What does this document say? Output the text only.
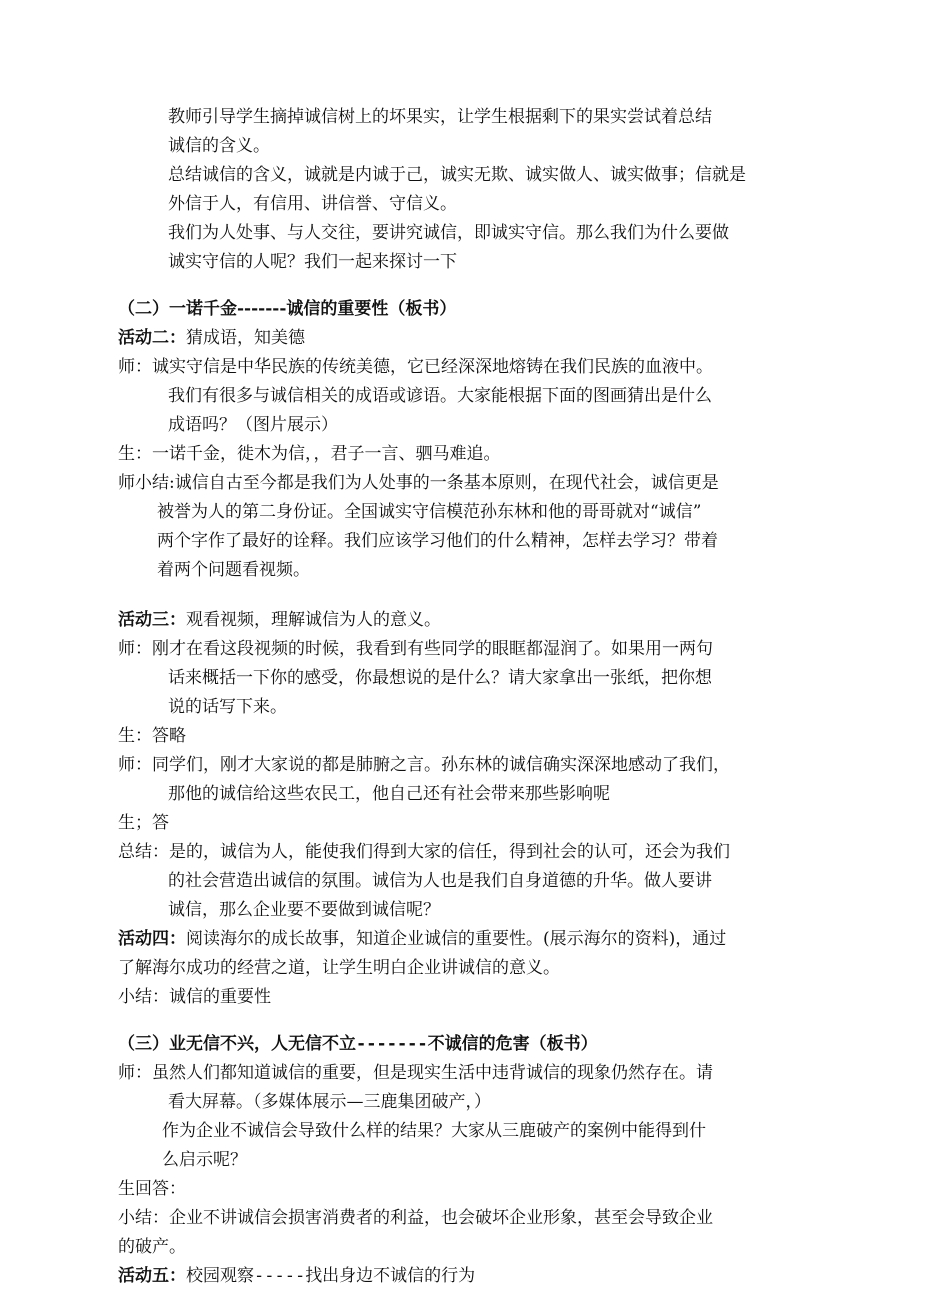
教师引导学生摘掉诚信树上的坏果实，让学生根据剩下的果实尝试着总结
诚信的含义。
总结诚信的含义，诚就是内诚于己，诚实无欺、诚实做人、诚实做事；信就是
外信于人，有信用、讲信誉、守信义。
我们为人处事、与人交往，要讲究诚信，即诚实守信。那么我们为什么要做
诚实守信的人呢？我们一起来探讨一下
（二）一诺千金-------诚信的重要性（板书）
活动二：猜成语，知美德
师：诚实守信是中华民族的传统美德，它已经深深地熔铸在我们民族的血液中。
我们有很多与诚信相关的成语或谚语。大家能根据下面的图画猜出是什么
成语吗？（图片展示）
生：一诺千金，徙木为信，，君子一言、驷马难追。
师小结:诚信自古至今都是我们为人处事的一条基本原则，在现代社会，诚信更是
被誉为人的第二身份证。全国诚实守信模范孙东林和他的哥哥就对“诚信”
两个字作了最好的诠释。我们应该学习他们的什么精神，怎样去学习？带着
着两个问题看视频。
活动三：观看视频，理解诚信为人的意义。
师：刚才在看这段视频的时候，我看到有些同学的眼眶都湿润了。如果用一两句
话来概括一下你的感受，你最想说的是什么？请大家拿出一张纸，把你想
说的话写下来。
生：答略
师：同学们，刚才大家说的都是肺腑之言。孙东林的诚信确实深深地感动了我们，
那他的诚信给这些农民工，他自己还有社会带来那些影响呢
生；答
总结：是的，诚信为人，能使我们得到大家的信任，得到社会的认可，还会为我们
的社会营造出诚信的氛围。诚信为人也是我们自身道德的升华。做人要讲
诚信，那么企业要不要做到诚信呢？
活动四：阅读海尔的成长故事，知道企业诚信的重要性。(展示海尔的资料)，通过
了解海尔成功的经营之道，让学生明白企业讲诚信的意义。
小结：诚信的重要性
（三）业无信不兴，人无信不立-------不诚信的危害（板书）
师：虽然人们都知道诚信的重要，但是现实生活中违背诚信的现象仍然存在。请
看大屏幕。（多媒体展示—三鹿集团破产，）
作为企业不诚信会导致什么样的结果？大家从三鹿破产的案例中能得到什
么启示呢？
生回答：
小结：企业不讲诚信会损害消费者的利益，也会破坏企业形象，甚至会导致企业
的破产。
活动五：校园观察-----找出身边不诚信的行为
